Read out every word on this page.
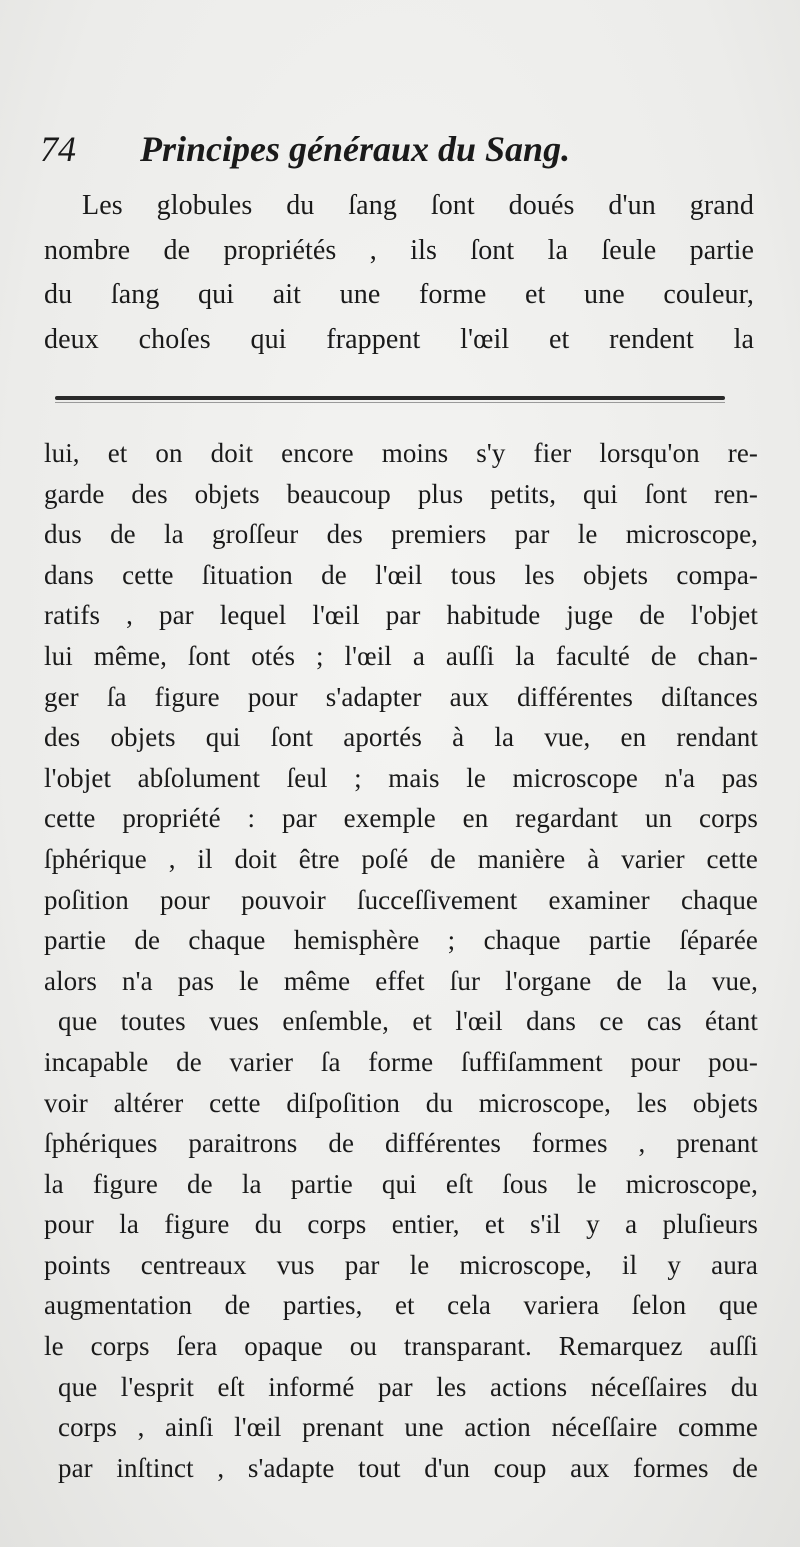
74 Principes généraux du Sang.
Les globules du ſang ſont doués d'un grand
nombre de propriétés , ils ſont la ſeule partie
du ſang qui ait une forme et une couleur,
deux choſes qui frappent l'œil et rendent la
lui, et on doit encore moins s'y fier lorsqu'on re-
garde des objets beaucoup plus petits, qui ſont ren-
dus de la groſſeur des premiers par le microscope,
dans cette ſituation de l'œil tous les objets compa-
ratifs , par lequel l'œil par habitude juge de l'objet
lui même, ſont otés ; l'œil a auſſi la faculté de chan-
ger ſa figure pour s'adapter aux différentes diſtances
des objets qui ſont aportés à la vue, en rendant
l'objet abſolument ſeul ; mais le microscope n'a pas
cette propriété : par exemple en regardant un corps
ſphérique , il doit être poſé de manière à varier cette
poſition pour pouvoir ſucceſſivement examiner chaque
partie de chaque hemisphère ; chaque partie ſéparée
alors n'a pas le même effet ſur l'organe de la vue,
que toutes vues enſemble, et l'œil dans ce cas étant
incapable de varier ſa forme ſuffiſamment pour pou-
voir altérer cette diſpoſition du microscope, les objets
ſphériques paraitrons de différentes formes , prenant
la figure de la partie qui eſt ſous le microscope,
pour la figure du corps entier, et s'il y a pluſieurs
points centreaux vus par le microscope, il y aura
augmentation de parties, et cela variera ſelon que
le corps ſera opaque ou transparant. Remarquez auſſi
que l'esprit eſt informé par les actions néceſſaires du
corps , ainſi l'œil prenant une action néceſſaire comme
par inſtinct , s'adapte tout d'un coup aux formes de
